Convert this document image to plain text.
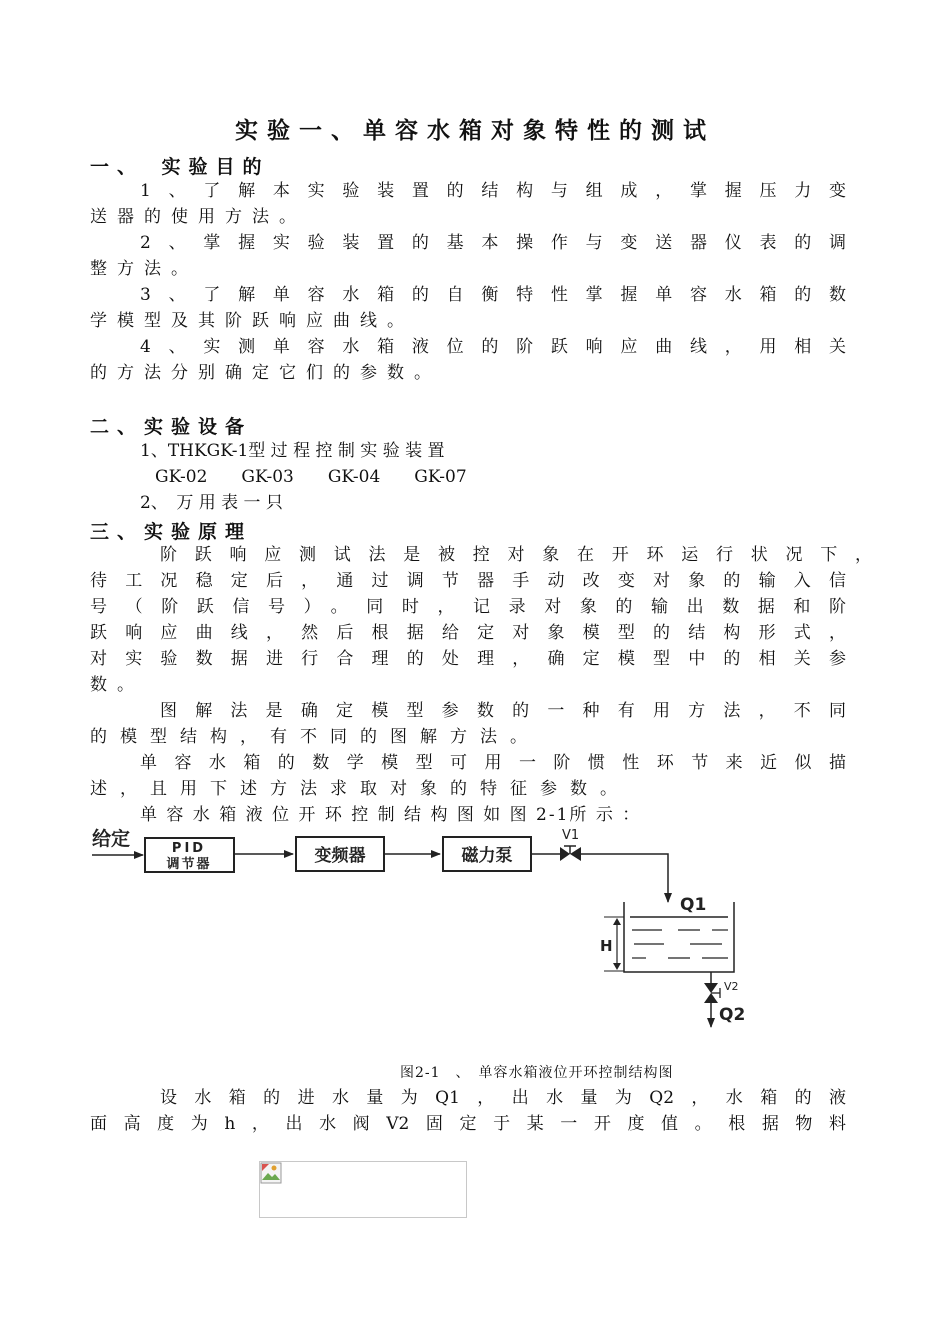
实验一、单容水箱对象特性的测试
一、　实验目的
1、了解本实验装置的结构与组成，掌握压力变
送器的使用方法。
2、掌握实验装置的基本操作与变送器仪表的调
整方法。
3、了解单容水箱的自衡特性掌握单容水箱的数
学模型及其阶跃响应曲线。
4、实测单容水箱液位的阶跃响应曲线，用相关
的方法分别确定它们的参数。
二、实验设备
1、THKGK-1型 过 程 控 制 实 验 装 置
GK-02　　GK-03　　GK-04　　GK-07
2、　万 用 表 一 只
三、实验原理
阶跃响应测试法是被控对象在开环运行状况下，
待工况稳定后，通过调节器手动改变对象的输入信
号（阶跃信号）。同时，记录对象的输出数据和阶
跃响应曲线，然后根据给定对象模型的结构形式，
对实验数据进行合理的处理，确定模型中的相关参
数。
图解法是确定模型参数的一种有用方法，不同
的模型结构，有不同的图解方法。
单容水箱的数学模型可用一阶惯性环节来近似描
述，且用下述方法求取对象的特征参数。
单 容 水 箱 液 位 开 环 控 制 结 构 图 如 图 2-1所 示 ：
给定	PID
调节器	变频器	磁力泵
V1
Q1
H
V2
Q2
图2-1　、　单容水箱液位开环控制结构图
设水箱的进水量为Q1，出水量为Q2，水箱的液
面高度为h，出水阀V2固定于某一开度值。根据物料
